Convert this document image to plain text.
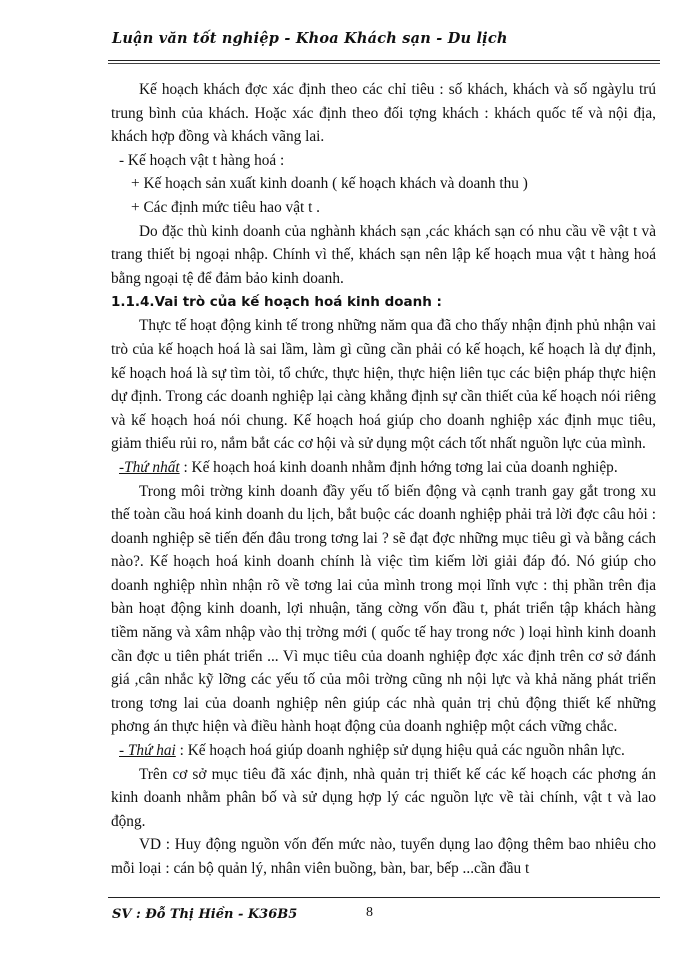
Luận văn tốt nghiệp - Khoa Khách sạn - Du lịch

Kế hoạch khách đợc xác định theo các chỉ tiêu : số khách, khách và số ngàylu trú trung bình của khách. Hoặc xác định theo đối tợng khách : khách quốc tế và nội địa, khách hợp đồng và khách vãng lai.

- Kế hoạch vật t hàng hoá :

+ Kế hoạch sản xuất kinh doanh ( kế hoạch khách và doanh thu )

+ Các định mức tiêu hao vật t .

Do đặc thù kinh doanh của nghành khách sạn ,các khách sạn có nhu cầu về vật t và trang thiết bị ngoại nhập. Chính vì thế, khách sạn nên lập kế hoạch mua vật t hàng hoá bằng ngoại tệ để đảm bảo kinh doanh.

1.1.4.Vai trò của kế hoạch hoá kinh doanh :

Thực tế hoạt động kinh tế trong những năm qua đã cho thấy nhận định phủ nhận vai trò của kế hoạch hoá là sai lầm, làm gì cũng cần phải có kế hoạch, kế hoạch là dự định, kế hoạch hoá là sự tìm tòi, tổ chức, thực hiện, thực hiện liên tục các biện pháp thực hiện dự định. Trong các doanh nghiệp lại càng khẳng định sự cần thiết của kế hoạch nói riêng và kế hoạch hoá nói chung. Kế hoạch hoá giúp cho doanh nghiệp xác định mục tiêu, giảm thiểu rủi ro, nắm bắt các cơ hội và sử dụng một cách tốt nhất nguồn lực của mình.

-Thứ nhất : Kế hoạch hoá kinh doanh nhằm định hớng tơng lai của doanh nghiệp.

Trong môi trờng kinh doanh đầy yếu tố biến động và cạnh tranh gay gắt trong xu thế toàn cầu hoá kinh doanh du lịch, bắt buộc các doanh nghiệp phải trả lời đợc câu hỏi : doanh nghiệp sẽ tiến đến đâu trong tơng lai ? sẽ đạt đợc những mục tiêu gì và bằng cách nào?. Kế hoạch hoá kinh doanh chính là việc tìm kiếm lời giải đáp đó. Nó giúp cho doanh nghiệp nhìn nhận rõ về tơng lai của mình trong mọi lĩnh vực : thị phần trên địa bàn hoạt động kinh doanh, lợi nhuận, tăng cờng vốn đầu t, phát triển tập khách hàng tiềm năng và xâm nhập vào thị trờng mới ( quốc tế hay trong nớc ) loại hình kinh doanh cần đợc u tiên phát triển ... Vì mục tiêu của doanh nghiệp đợc xác định trên cơ sở đánh giá ,cân nhắc kỹ lỡng các yếu tố của môi trờng cũng nh nội lực và khả năng phát triển trong tơng lai của doanh nghiệp nên giúp các nhà quản trị chủ động thiết kế những phơng án thực hiện và điều hành hoạt động của doanh nghiệp một cách vững chắc.

- Thứ hai : Kế hoạch hoá giúp doanh nghiệp sử dụng hiệu quả các nguồn nhân lực.

Trên cơ sở mục tiêu đã xác định, nhà quản trị thiết kế các kế hoạch các phơng án kinh doanh nhằm phân bố và sử dụng hợp lý các nguồn lực về tài chính, vật t và lao động.

VD : Huy động nguồn vốn đến mức nào, tuyển dụng lao động thêm bao nhiêu cho mỗi loại : cán bộ quản lý, nhân viên buồng, bàn, bar, bếp ...cần đầu t

SV : Đỗ Thị Hiền - K36B5	8
